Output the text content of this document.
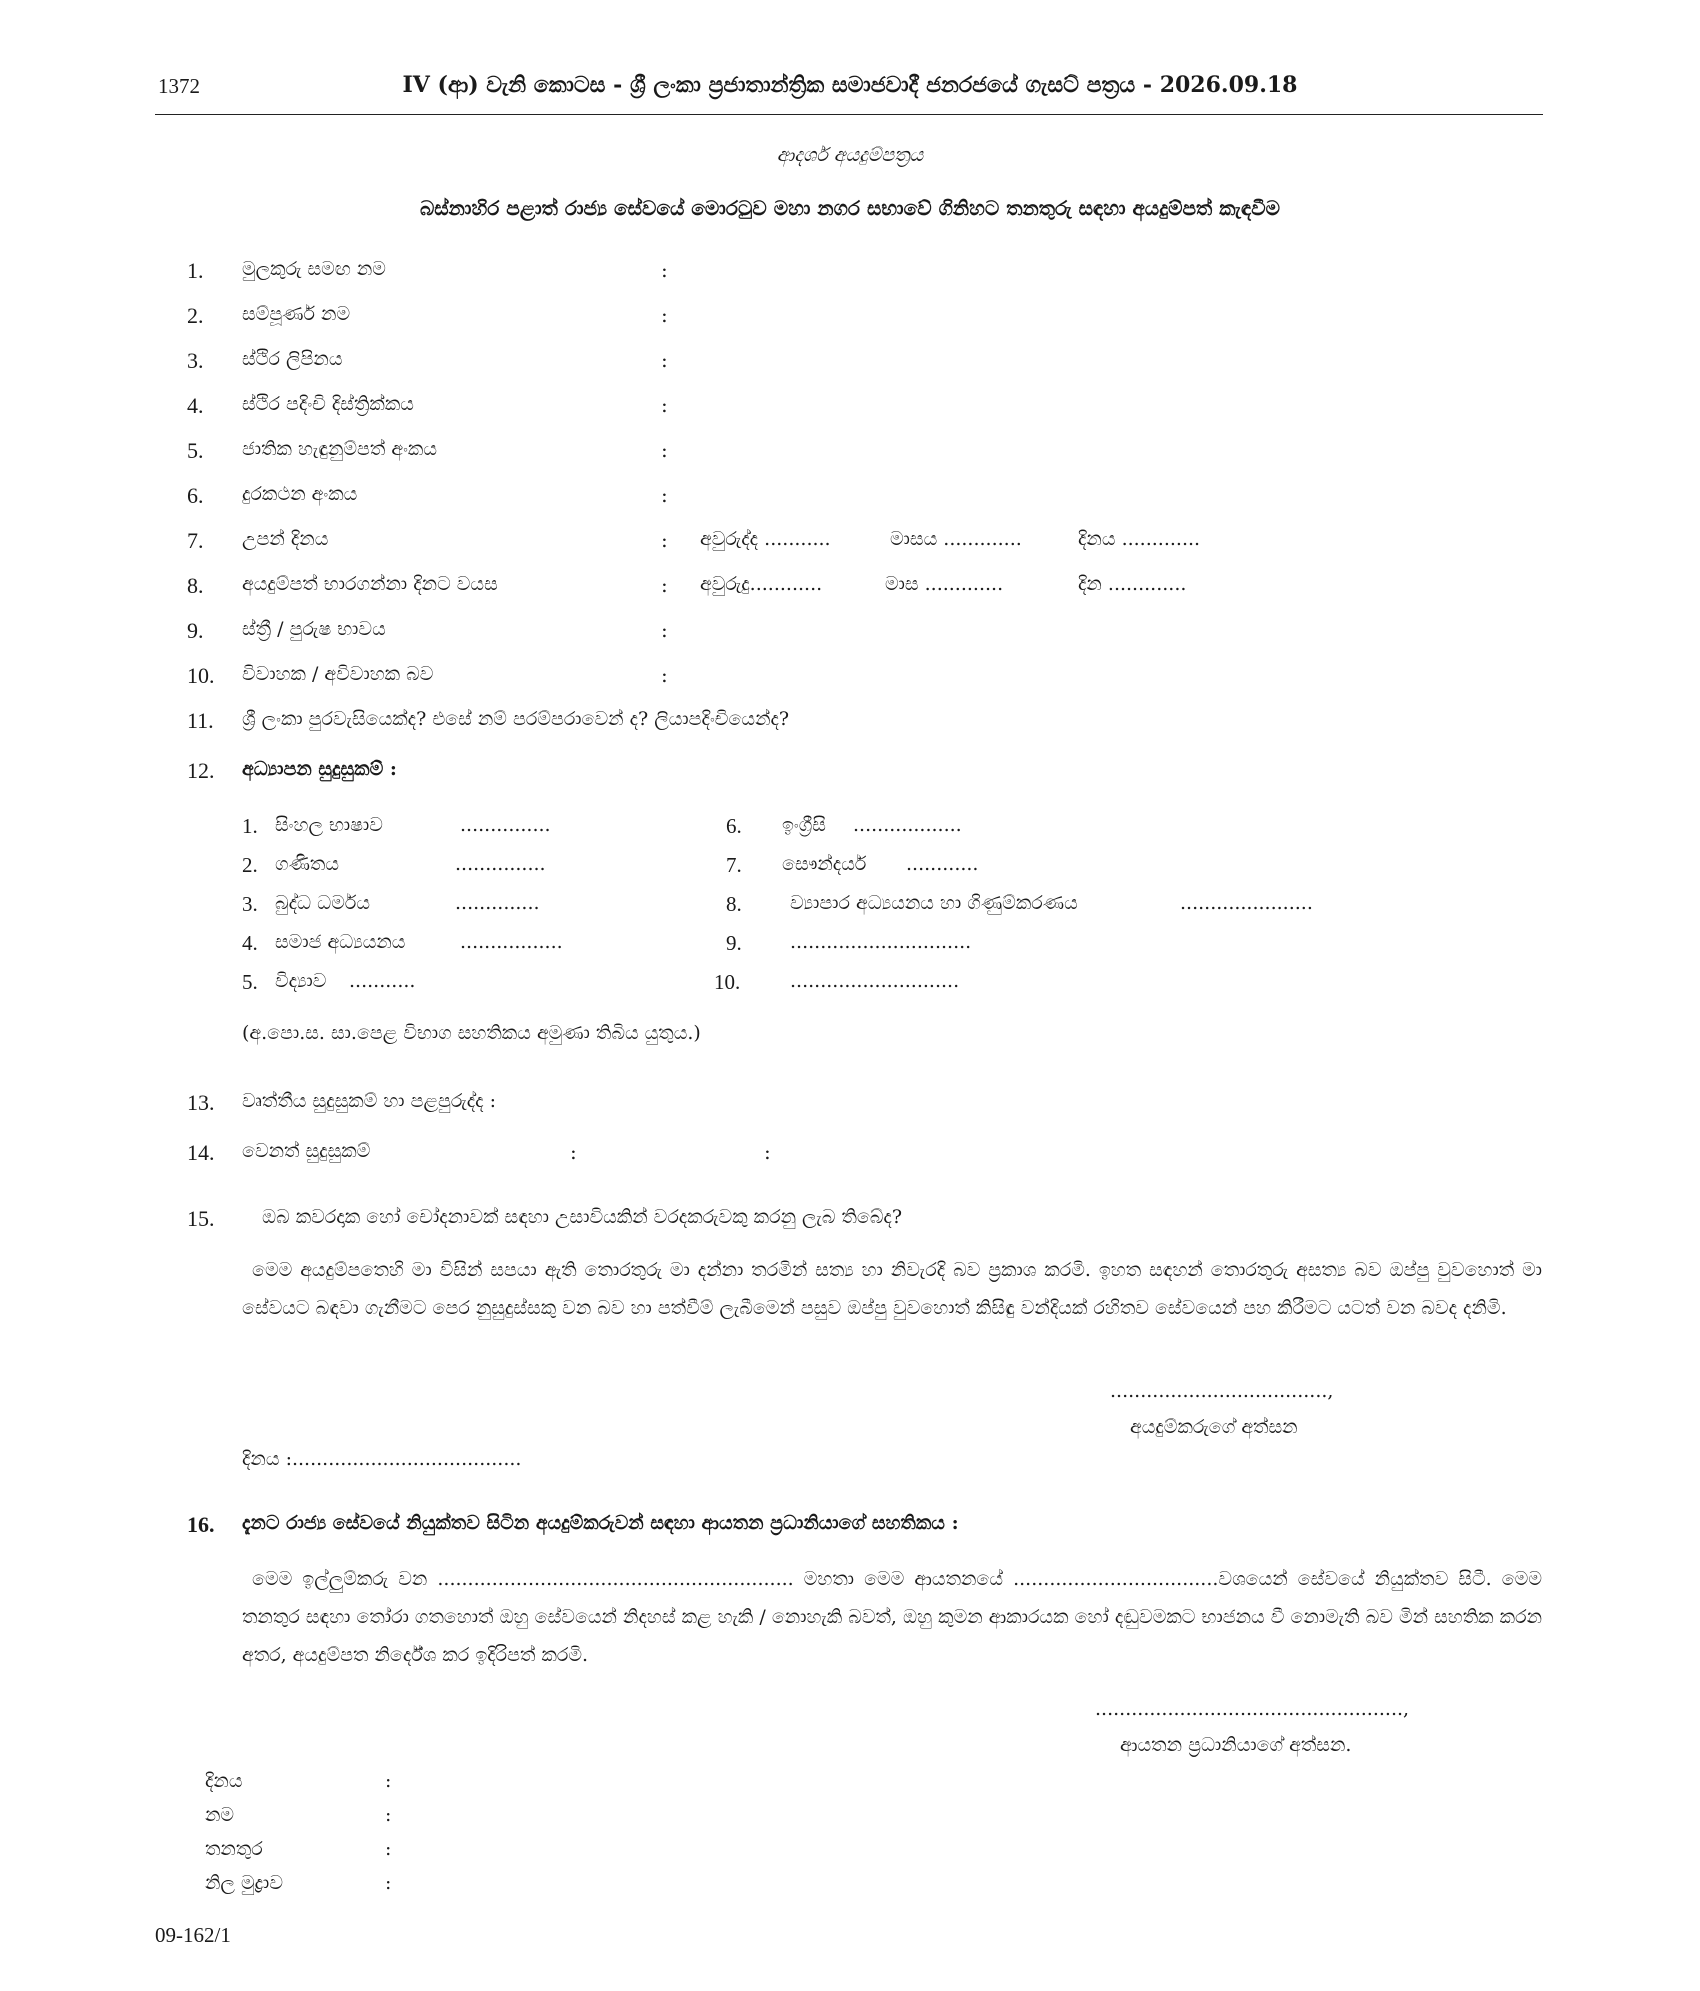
1372	IV (ආ) වැනි කොටස - ශ්‍රී ලංකා ප්‍රජාතාන්ත්‍රික සමාජවාදී ජනරජයේ ගැසට් පත්‍රය - 2026.09.18
ආදර්ශ අයදුම්පත්‍රය
බස්නාහිර පළාත් රාජ්‍ය සේවයේ මොරටුව මහා නගර සභාවේ ගිනිහට තනතුරු සඳහා අයදුම්පත් කැඳවීම
1. මුලකුරු සමඟ නම	:
2. සම්පූර්ණ නම	:
3. ස්ථිර ලිපිනය	:
4. ස්ථිර පදිංචි දිස්ත්‍රික්කය	:
5. ජාතික හැඳුනුම්පත් අංකය	:
6. දුරකථන අංකය	:
7. උපන් දිනය	: අවුරුද්ද ...........	මාසය .............	දිනය .............
8. අයදුම්පත් භාරගන්නා දිනට වයස	: අවුරුදු............	මාස .............	දින .............
9. ස්ත්‍රී / පුරුෂ භාවය	:
10. විවාහක / අවිවාහක බව	:
11. ශ්‍රී ලංකා පුරවැසියෙක්ද? එසේ නම් පරම්පරාවෙන් ද? ලියාපදිංචියෙන්ද?
12. අධ්‍යාපන සුදුසුකම් :
1. සිංහල භාෂාව	...............	6. ඉංග්‍රීසි ..................
2. ගණිතය	...............	7. සෞන්දර්ය ............
3. බුද්ධ ධර්මය	..............	8.	ව්‍යාපාර අධ්‍යයනය හා ගිණුම්කරණය	......................
4. සමාජ අධ්‍යයනය	.................	9.	..............................
5. විද්‍යාව ...........	10.	............................
(අ.පො.ස. සා.පෙළ විභාග සහතිකය අමුණා තිබිය යුතුය.)
13. වෘත්තීය සුදුසුකම් හා පළපුරුද්ද :
14. වෙනත් සුදුසුකම්	:	:
15.	ඔබ කවරදාක හෝ චෝදනාවක් සඳහා උසාවියකින් වරදකරුවකු කරනු ලැබ තිබේද?
මෙම අයදුම්පතෙහි මා විසින් සපයා ඇති තොරතුරු මා දන්නා තරමින් සත්‍ය හා නිවැරදි බව ප්‍රකාශ කරමි. ඉහත සඳහන් තොරතුරු අසත්‍ය බව ඔප්පු වුවහොත් මා සේවයට බඳවා ගැනීමට පෙර නුසුදුස්සකු වන බව හා පත්වීම් ලැබීමෙන් පසුව ඔප්පු වුවහොත් කිසිඳු වන්දියක් රහිතව සේවයෙන් පහ කිරීමට යටත් වන බවද දනිමි.
....................................,
අයදුම්කරුගේ අත්සන
දිනය :......................................
16. දැනට රාජ්‍ය සේවයේ නියුක්තව සිටින අයදුම්කරුවන් සඳහා ආයතන ප්‍රධානියාගේ සහතිකය :
මෙම ඉල්ලුම්කරු වන ........................................................... මහතා මෙම ආයතනයේ ..................................වශයෙන් සේවයේ නියුක්තව සිටී. මෙම තනතුර සඳහා තෝරා ගතහොත් ඔහු සේවයෙන් නිදහස් කළ හැකි / නොහැකි බවත්, ඔහු කුමන ආකාරයක හෝ දඬුවමකට භාජනය වී නොමැති බව මින් සහතික කරන අතර, අයදුම්පත නිර්දේශ කර ඉදිරිපත් කරමි.
...................................................,
ආයතන ප්‍රධානියාගේ අත්සන.
දිනය	:
නම	:
තනතුර	:
නිල මුද්‍රාව	:
09-162/1
